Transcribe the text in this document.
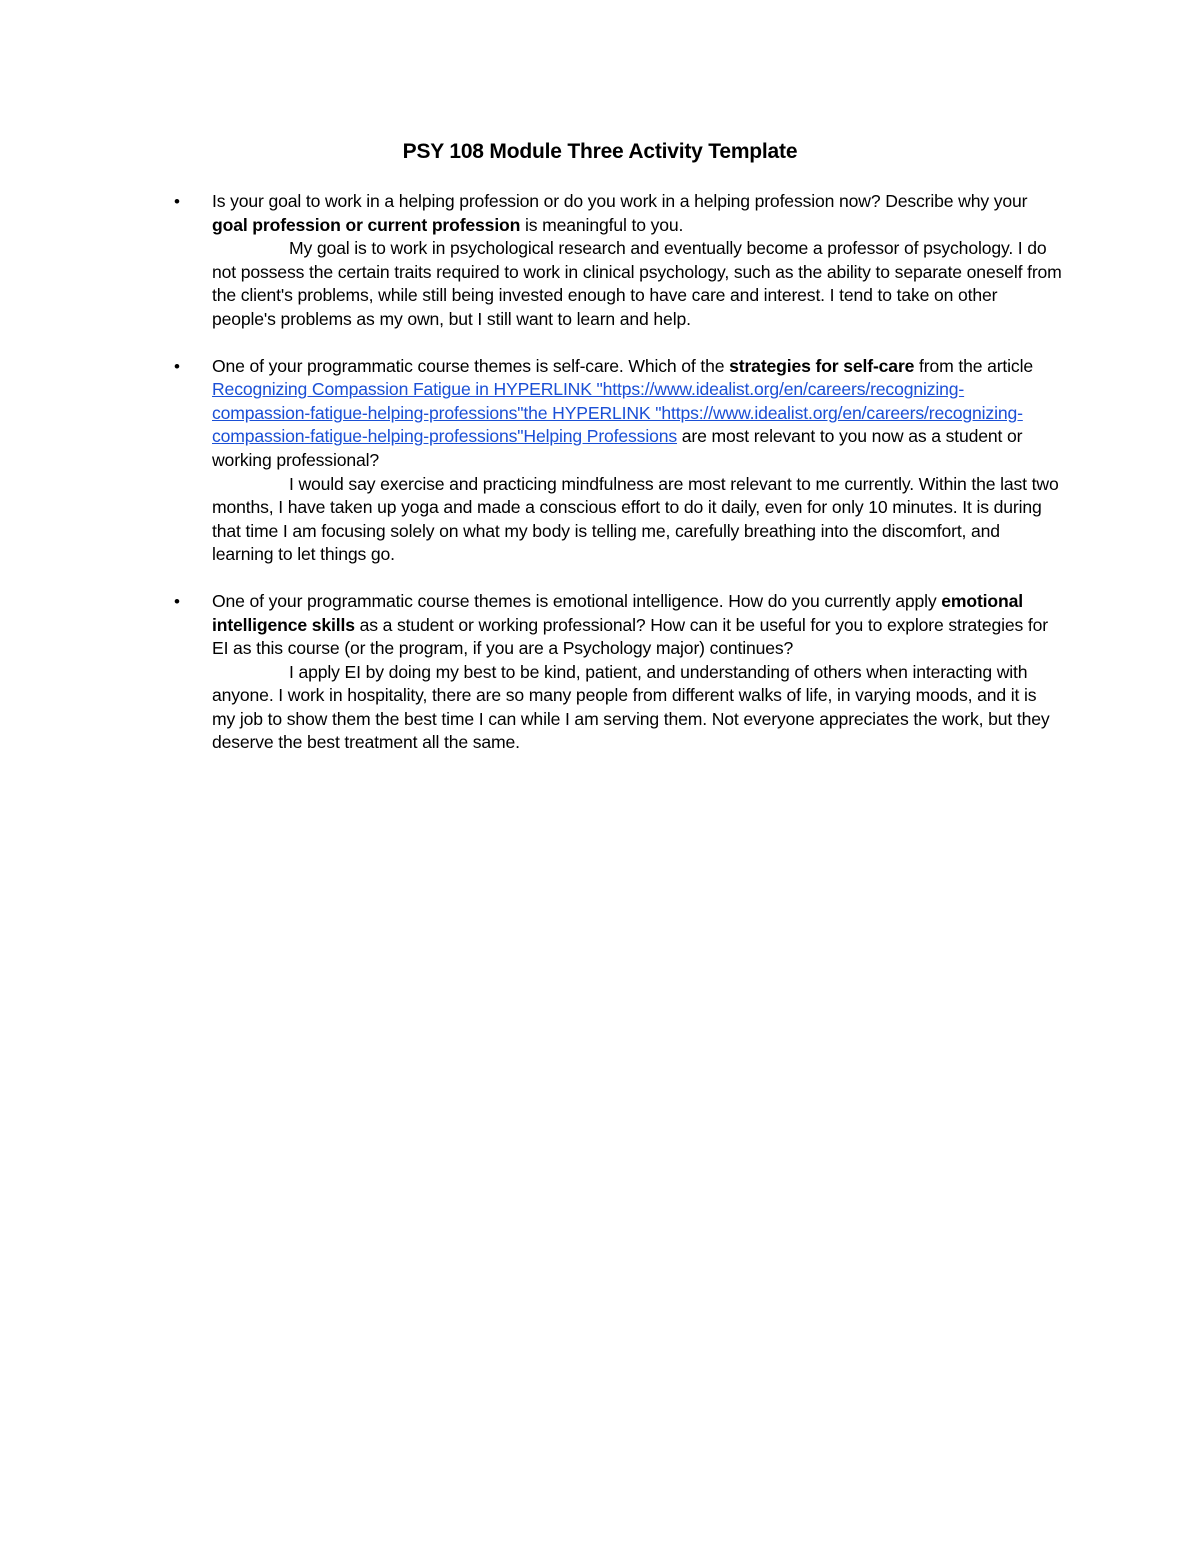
PSY 108 Module Three Activity Template
• Is your goal to work in a helping profession or do you work in a helping profession now? Describe why your goal profession or current profession is meaningful to you.
My goal is to work in psychological research and eventually become a professor of psychology. I do not possess the certain traits required to work in clinical psychology, such as the ability to separate oneself from the client's problems, while still being invested enough to have care and interest. I tend to take on other people's problems as my own, but I still want to learn and help.
• One of your programmatic course themes is self-care. Which of the strategies for self-care from the article Recognizing Compassion Fatigue in HYPERLINK "https://www.idealist.org/en/careers/recognizing-compassion-fatigue-helping-professions"the HYPERLINK "https://www.idealist.org/en/careers/recognizing-compassion-fatigue-helping-professions"Helping Professions are most relevant to you now as a student or working professional?
I would say exercise and practicing mindfulness are most relevant to me currently. Within the last two months, I have taken up yoga and made a conscious effort to do it daily, even for only 10 minutes. It is during that time I am focusing solely on what my body is telling me, carefully breathing into the discomfort, and learning to let things go.
• One of your programmatic course themes is emotional intelligence. How do you currently apply emotional intelligence skills as a student or working professional? How can it be useful for you to explore strategies for EI as this course (or the program, if you are a Psychology major) continues?
I apply EI by doing my best to be kind, patient, and understanding of others when interacting with anyone. I work in hospitality, there are so many people from different walks of life, in varying moods, and it is my job to show them the best time I can while I am serving them. Not everyone appreciates the work, but they deserve the best treatment all the same.
